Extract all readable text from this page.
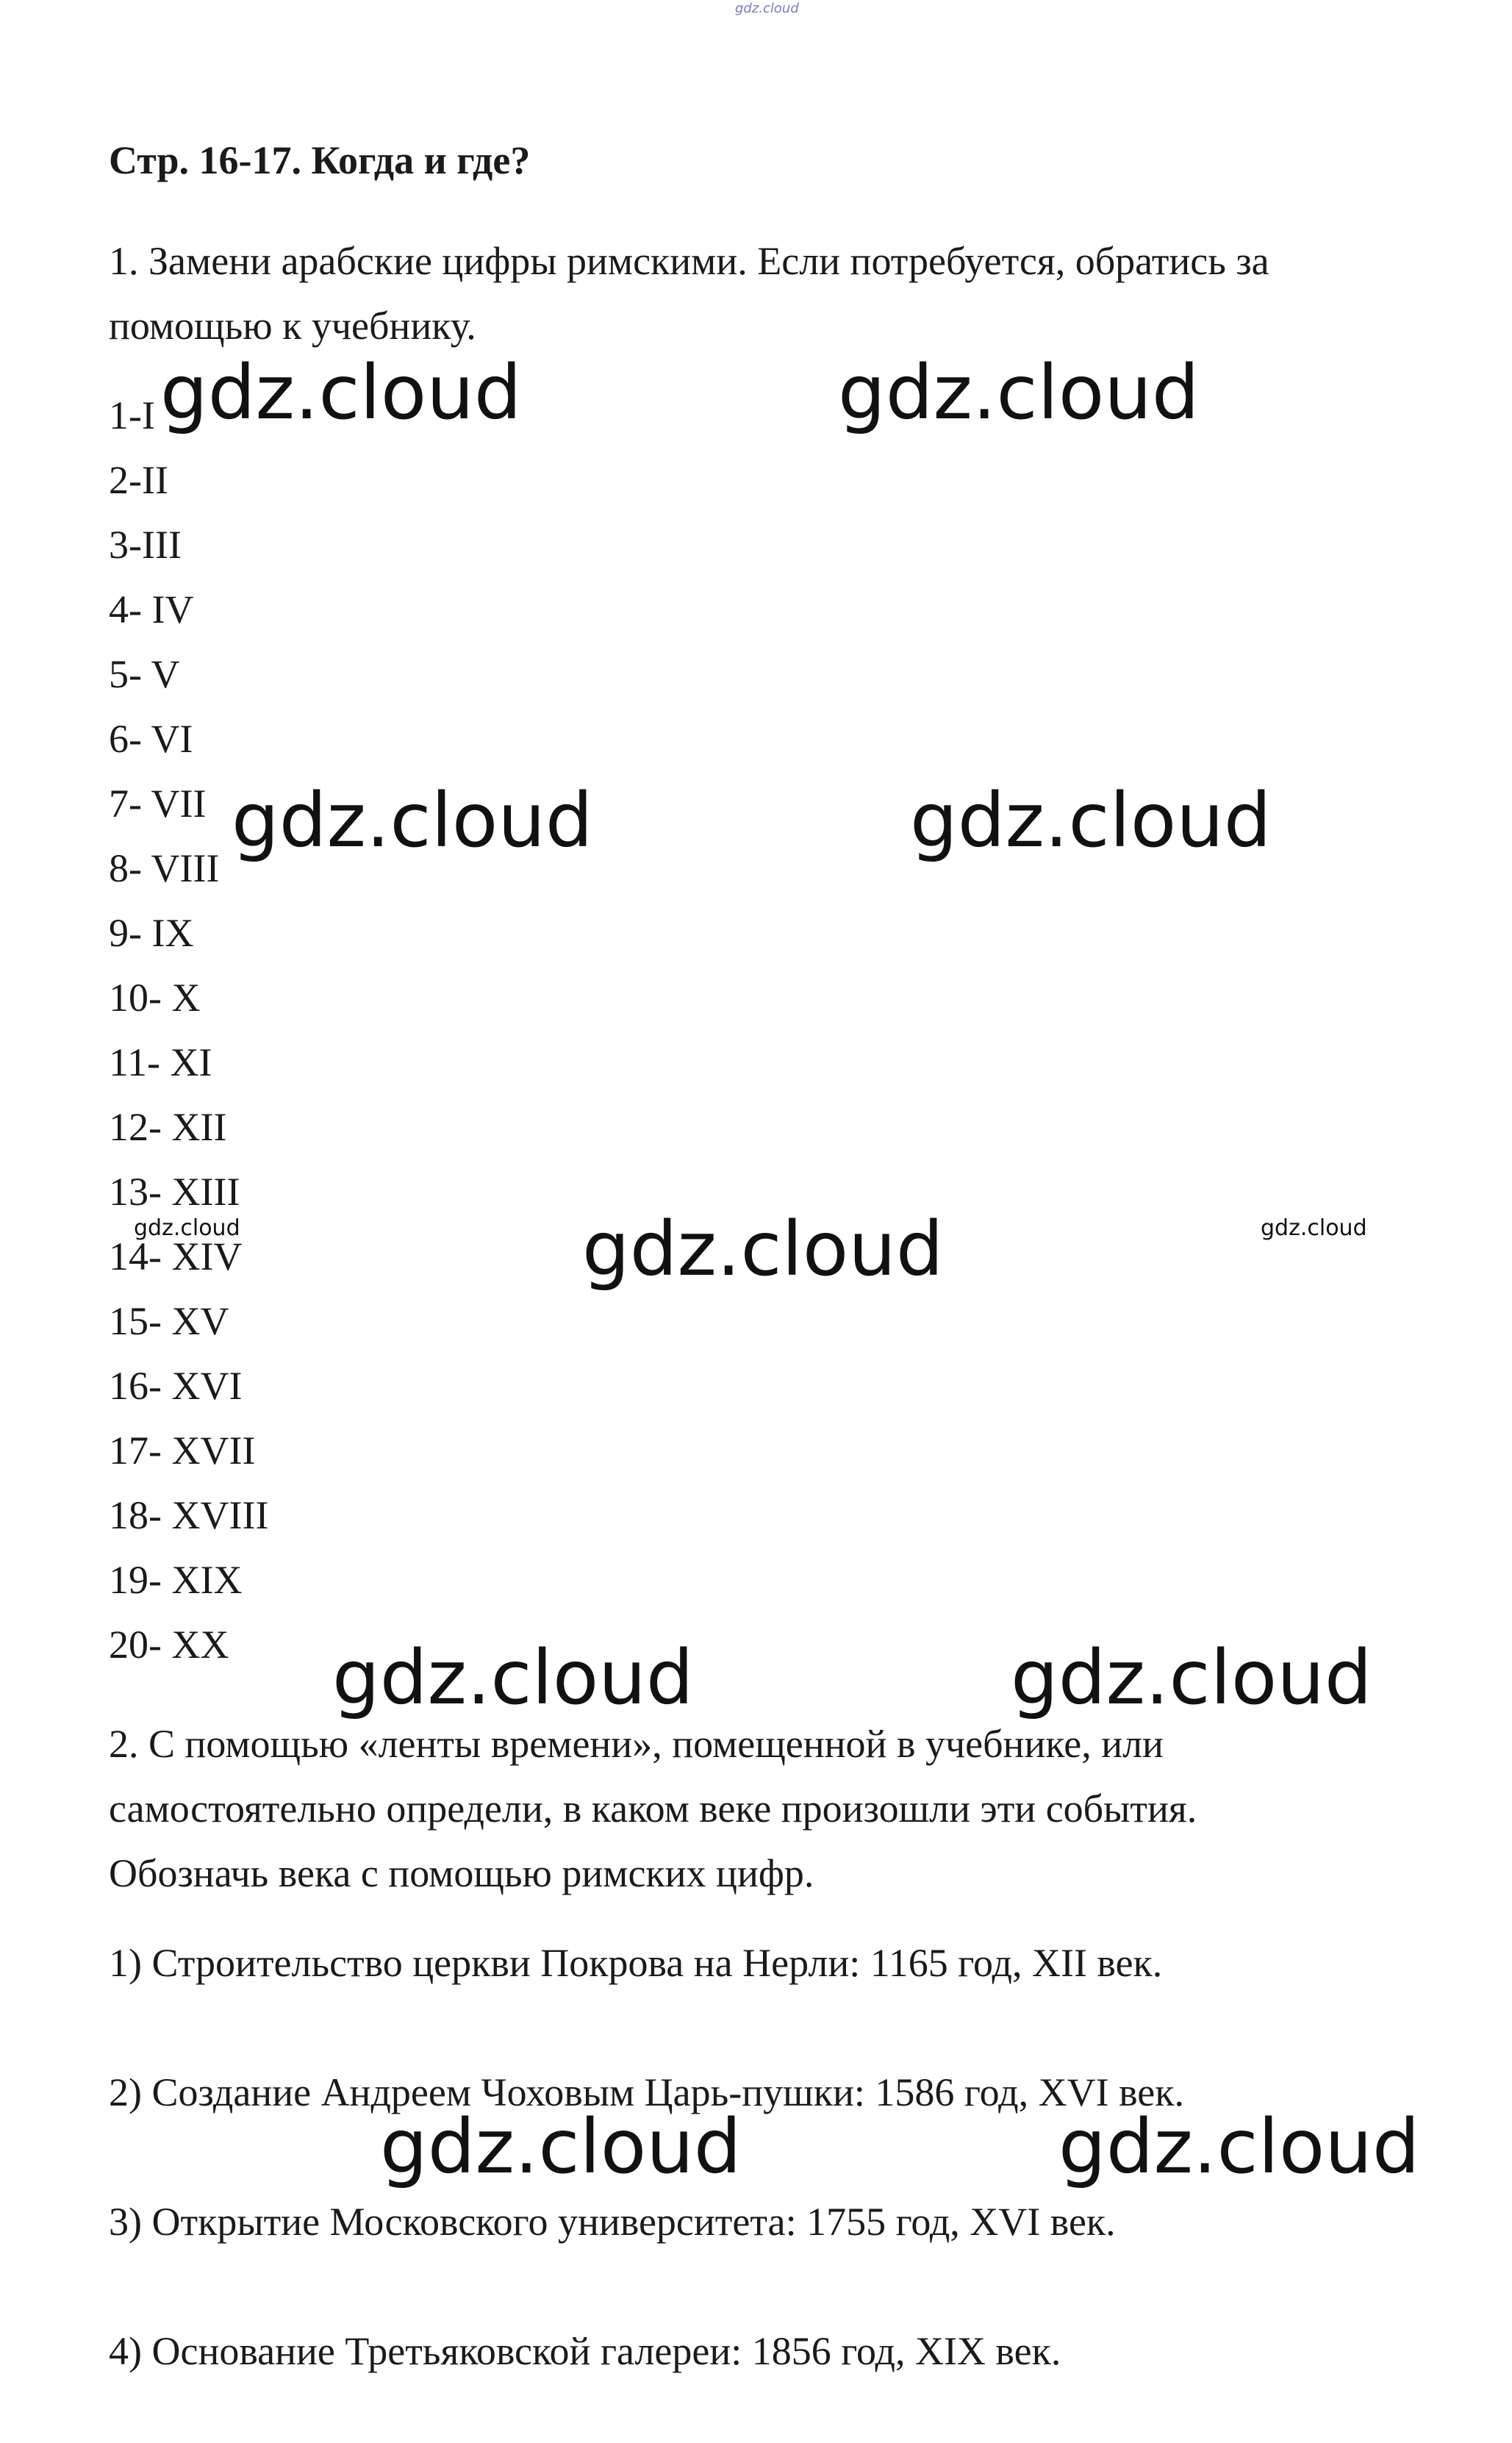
gdz.cloud
Стр. 16-17. Когда и где?
1. Замени арабские цифры римскими. Если потребуется, обратись за
помощью к учебнику.
1-I
2-II
3-III
4- IV
5- V
6- VI
7- VII
8- VIII
9- IX
10- X
11- XI
12- XII
13- XIII
14- XIV
15- XV
16- XVI
17- XVII
18- XVIII
19- XIX
20- XX
2. С помощью «ленты времени», помещенной в учебнике, или
самостоятельно определи, в каком веке произошли эти события.
Обозначь века с помощью римских цифр.
1) Строительство церкви Покрова на Нерли: 1165 год, XII век.
2) Создание Андреем Чоховым Царь-пушки: 1586 год, XVI век.
3) Открытие Московского университета: 1755 год, XVI век.
4) Основание Третьяковской галереи: 1856 год, XIX век.
gdz.cloud	gdz.cloud
gdz.cloud	gdz.cloud
gdz.cloud
gdz.cloud	gdz.cloud
gdz.cloud	gdz.cloud
gdz.cloud	gdz.cloud
